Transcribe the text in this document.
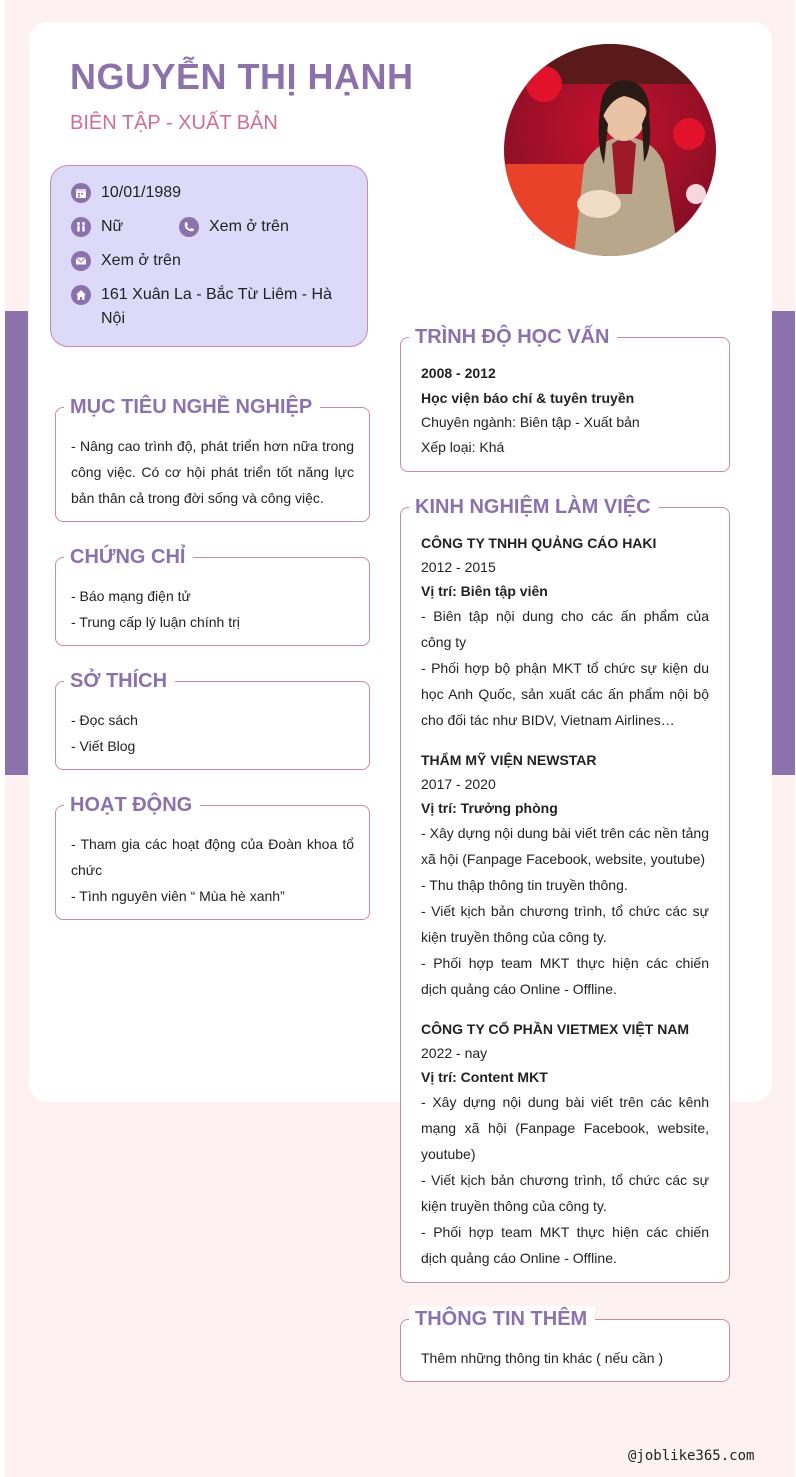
NGUYỄN THỊ HẠNH
BIÊN TẬP - XUẤT BẢN
10/01/1989
Nữ	Xem ở trên
Xem ở trên
161 Xuân La - Bắc Từ Liêm - Hà
Nội
MỤC TIÊU NGHỀ NGHIỆP
- Nâng cao trình độ, phát triển hơn nữa trong công việc. Có cơ hội phát triển tốt năng lực bản thân cả trong đời sống và công việc.
CHỨNG CHỈ
- Báo mạng điện tử
- Trung cấp lý luận chính trị
SỞ THÍCH
- Đọc sách
- Viết Blog
HOẠT ĐỘNG
- Tham gia các hoạt động của Đoàn khoa tổ chức
- Tình nguyên viên “ Mùa hè xanh”
TRÌNH ĐỘ HỌC VẤN
2008 - 2012
Học viện báo chí & tuyên truyền
Chuyên ngành: Biên tập - Xuất bản
Xếp loại: Khá
KINH NGHIỆM LÀM VIỆC
CÔNG TY TNHH QUẢNG CÁO HAKI
2012 - 2015
Vị trí: Biên tập viên
- Biên tập nội dung cho các ấn phẩm của công ty
- Phối hợp bộ phận MKT tổ chức sự kiện du học Anh Quốc, sản xuất các ấn phẩm nội bộ cho đối tác như BIDV, Vietnam Airlines…
THẨM MỸ VIỆN NEWSTAR
2017 - 2020
Vị trí: Trưởng phòng
- Xây dựng nội dung bài viết trên các nền tảng xã hội (Fanpage Facebook, website, youtube)
- Thu thập thông tin truyền thông.
- Viết kịch bản chương trình, tổ chức các sự kiện truyền thông của công ty.
- Phối hợp team MKT thực hiện các chiến dịch quảng cáo Online - Offline.
CÔNG TY CỔ PHẦN VIETMEX VIỆT NAM
2022 - nay
Vị trí: Content MKT
- Xây dựng nội dung bài viết trên các kênh mạng xã hội (Fanpage Facebook, website, youtube)
- Viết kịch bản chương trình, tổ chức các sự kiện truyền thông của công ty.
- Phối hợp team MKT thực hiện các chiến dịch quảng cáo Online - Offline.
THÔNG TIN THÊM
Thêm những thông tin khác ( nếu cần )
@joblike365.com
